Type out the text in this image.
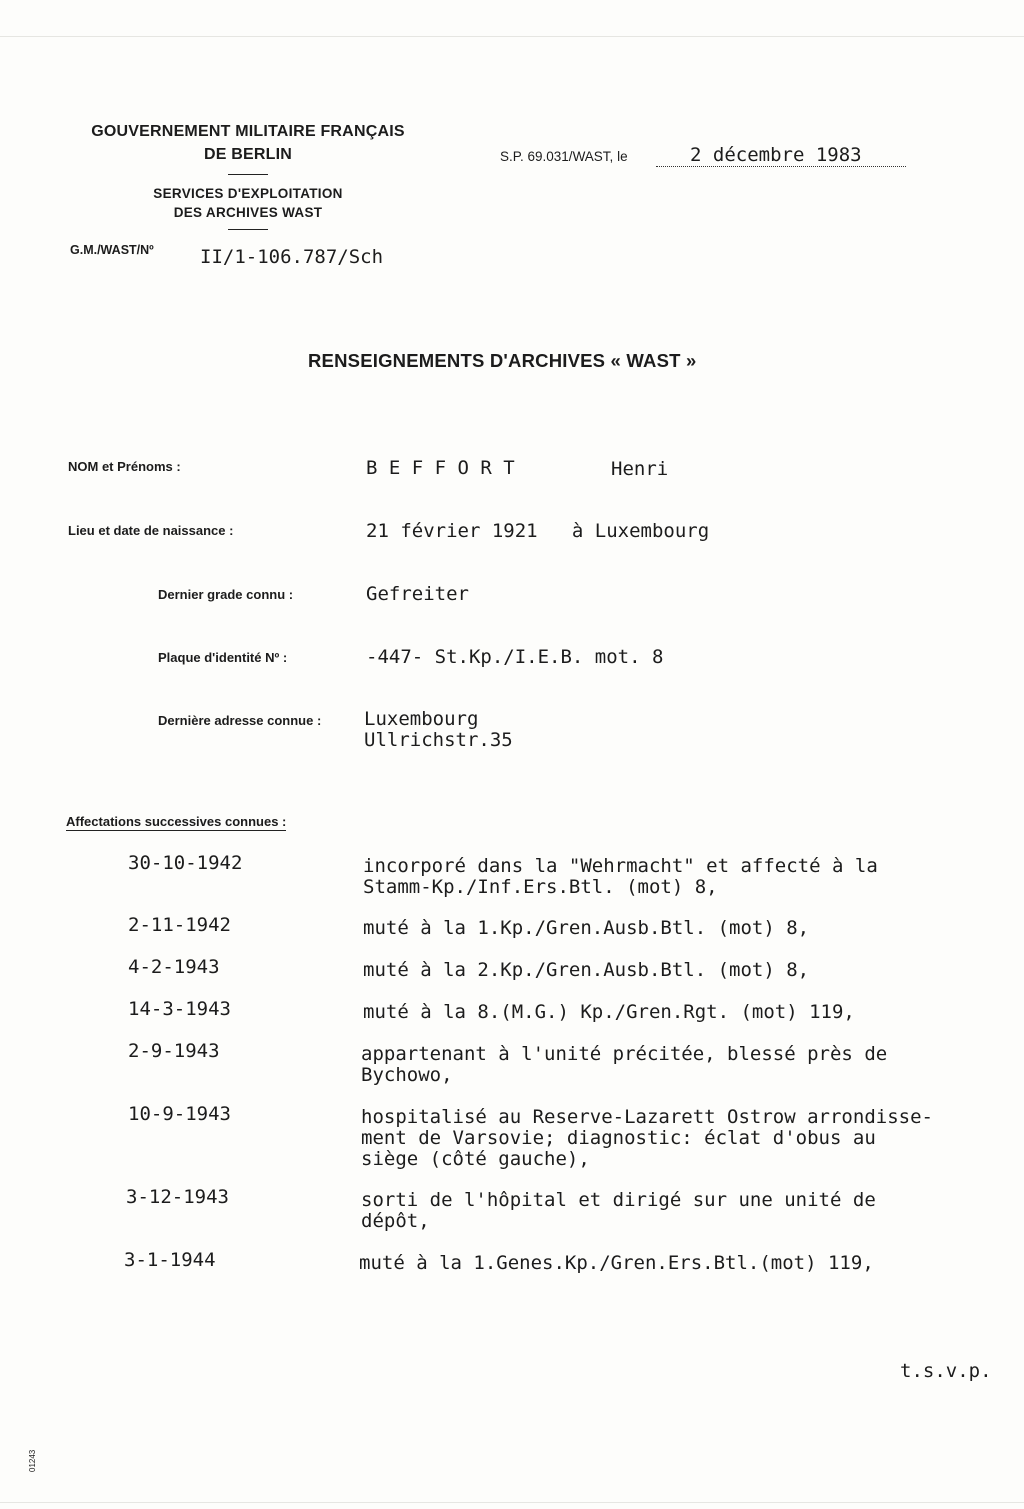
GOUVERNEMENT MILITAIRE FRANÇAIS
DE BERLIN
SERVICES D'EXPLOITATION
DES ARCHIVES WAST
S.P. 69.031/WAST, le	2 décembre 1983
G.M./WAST/Nº II/1-106.787/Sch
RENSEIGNEMENTS D'ARCHIVES « WAST »
NOM et Prénoms :	B E F F O R T	Henri
Lieu et date de naissance :	21 février 1921   à Luxembourg
Dernier grade connu :	Gefreiter
Plaque d'identité Nº :	-447- St.Kp./I.E.B. mot. 8
Dernière adresse connue : Luxembourg
Ullrichstr.35
Affectations successives connues :
30-10-1942	incorporé dans la "Wehrmacht" et affecté à la
Stamm-Kp./Inf.Ers.Btl. (mot) 8,
2-11-1942	muté à la 1.Kp./Gren.Ausb.Btl. (mot) 8,
4-2-1943	muté à la 2.Kp./Gren.Ausb.Btl. (mot) 8,
14-3-1943	muté à la 8.(M.G.) Kp./Gren.Rgt. (mot) 119,
2-9-1943	appartenant à l'unité précitée, blessé près de
Bychowo,
10-9-1943	hospitalisé au Reserve-Lazarett Ostrow arrondisse-
ment de Varsovie; diagnostic: éclat d'obus au
siège (côté gauche),
3-12-1943	sorti de l'hôpital et dirigé sur une unité de
dépôt,
3-1-1944	muté à la 1.Genes.Kp./Gren.Ers.Btl.(mot) 119,
t.s.v.p.
01243
